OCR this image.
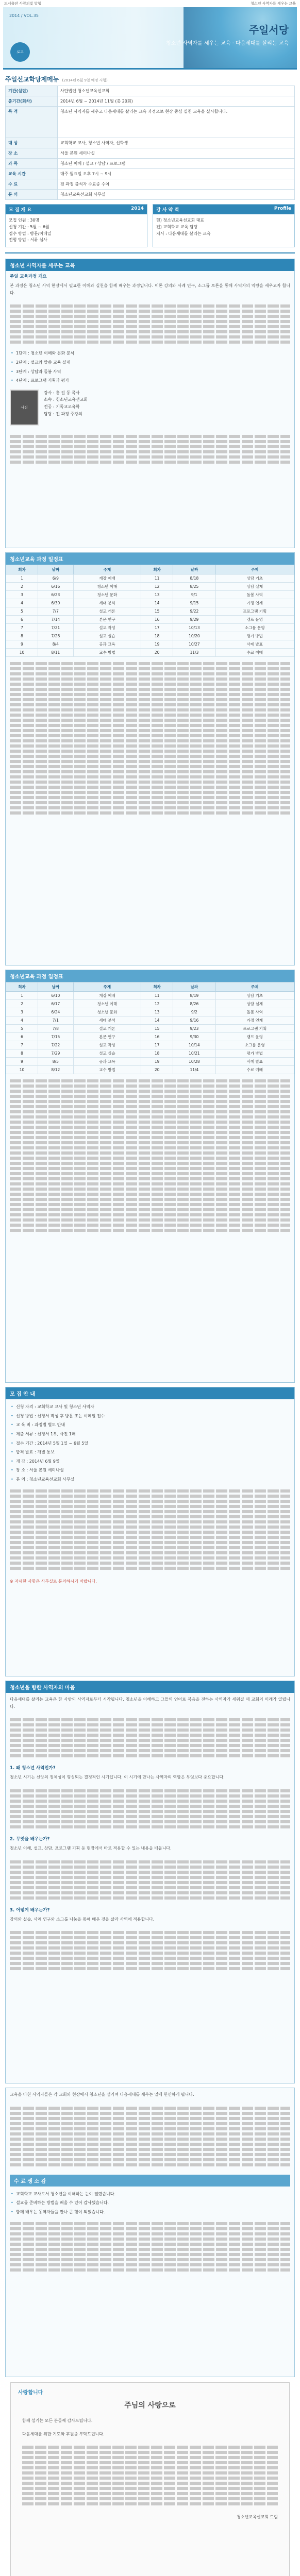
도서출판 사랑의빛 발행	청소년 사역자를 세우는 교육
2014 / VOL.35
주일서당
청소년 사역자를 세우는 교육 · 다음세대를 살리는 교육
로고
주일선교학당제메뉴 (2014년 6월 9일 예정 시행)
기관(설립)	사단법인 청소년교육선교회
총기간(회차)	2014년 6월 ~ 2014년 11월 (총 20회)
목 적	청소년 사역자를 세우고 다음세대를 살리는 교육 과정으로 현장 중심 실천 교육을 실시합니다.
대 상	교회학교 교사, 청소년 사역자, 신학생
장 소	서울 본원 세미나실
과 목	청소년 이해 / 설교 / 상담 / 프로그램
교육 시간	매주 월요일 오후 7시 ~ 9시
수 료	전 과정 출석자 수료증 수여
문 의	청소년교육선교회 사무실
모 집 개 요	2014
모집 인원 : 30명
신청 기간 : 5월 ~ 6월
접수 방법 : 방문/이메일
전형 방법 : 서류 심사
강 사 약 력	Profile
현) 청소년교육선교회 대표
전) 교회학교 교육 담당
저서 : 다음세대를 살리는 교육
청소년 사역자를 세우는 교육
주일 교육과정 개요
본 과정은 청소년 사역 현장에서 필요한 이해와 실천을 함께 배우는 과정입니다. 이론 강의와 사례 연구, 소그룹 토론을 통해 사역자의 역량을 세우고자 합니다.
• 1단계 : 청소년 이해와 문화 분석
• 2단계 : 설교와 말씀 교육 실제
• 3단계 : 상담과 돌봄 사역
• 4단계 : 프로그램 기획과 평가
사진
강사 : 홍 길 동 목사
소속 : 청소년교육선교회
전공 : 기독교교육학
담당 : 전 과정 주강의
청소년교육 과정 일정표
회차	날짜	주제	회차	날짜	주제
1	6/9	개강 예배	11	8/18	상담 기초
2	6/16	청소년 이해	12	8/25	상담 실제
3	6/23	청소년 문화	13	9/1	돌봄 사역
4	6/30	세대 분석	14	9/15	가정 연계
5	7/7	설교 개론	15	9/22	프로그램 기획
6	7/14	본문 연구	16	9/29	캠프 운영
7	7/21	설교 작성	17	10/13	소그룹 운영
8	7/28	설교 실습	18	10/20	평가 방법
9	8/4	공과 교육	19	10/27	사례 발표
10	8/11	교수 방법	20	11/3	수료 예배
청소년교육 과정 일정표
회차	날짜	주제	회차	날짜	주제
1	6/10	개강 예배	11	8/19	상담 기초
2	6/17	청소년 이해	12	8/26	상담 실제
3	6/24	청소년 문화	13	9/2	돌봄 사역
4	7/1	세대 분석	14	9/16	가정 연계
5	7/8	설교 개론	15	9/23	프로그램 기획
6	7/15	본문 연구	16	9/30	캠프 운영
7	7/22	설교 작성	17	10/14	소그룹 운영
8	7/29	설교 실습	18	10/21	평가 방법
9	8/5	공과 교육	19	10/28	사례 발표
10	8/12	교수 방법	20	11/4	수료 예배
모 집 안 내
• 신청 자격 : 교회학교 교사 및 청소년 사역자
• 신청 방법 : 신청서 작성 후 방문 또는 이메일 접수
• 교 육 비 : 과정별 별도 안내
• 제출 서류 : 신청서 1부, 사진 1매
• 접수 기간 : 2014년 5월 1일 ~ 6월 5일
• 합격 발표 : 개별 통보
• 개 강 : 2014년 6월 9일
• 장 소 : 서울 본원 세미나실
• 문 의 : 청소년교육선교회 사무실
※ 자세한 사항은 사무실로 문의하시기 바랍니다.
청소년을 향한 사역자의 마음
다음세대를 살리는 교육은 한 사람의 사역자로부터 시작됩니다. 청소년을 이해하고 그들의 언어로 복음을 전하는 사역자가 세워질 때 교회의 미래가 열립니다.
1. 왜 청소년 사역인가?
청소년 시기는 신앙의 정체성이 형성되는 결정적인 시기입니다. 이 시기에 만나는 사역자의 역할은 무엇보다 중요합니다.
2. 무엇을 배우는가?
청소년 이해, 설교, 상담, 프로그램 기획 등 현장에서 바로 적용할 수 있는 내용을 배웁니다.
3. 어떻게 배우는가?
강의와 실습, 사례 연구와 소그룹 나눔을 통해 배운 것을 삶과 사역에 적용합니다.
교육을 마친 사역자들은 각 교회와 현장에서 청소년을 섬기며 다음세대를 세우는 일에 헌신하게 됩니다.
수 료 생 소 감
• 교회학교 교사로서 청소년을 이해하는 눈이 열렸습니다.
• 설교를 준비하는 방법을 배울 수 있어 감사했습니다.
• 함께 배우는 동역자들을 만나 큰 힘이 되었습니다.
사랑합니다
주님의 사랑으로
함께 섬기는 모든 분들께 감사드립니다.
다음세대를 위한 기도와 후원을 부탁드립니다.
청소년교육선교회 드림
